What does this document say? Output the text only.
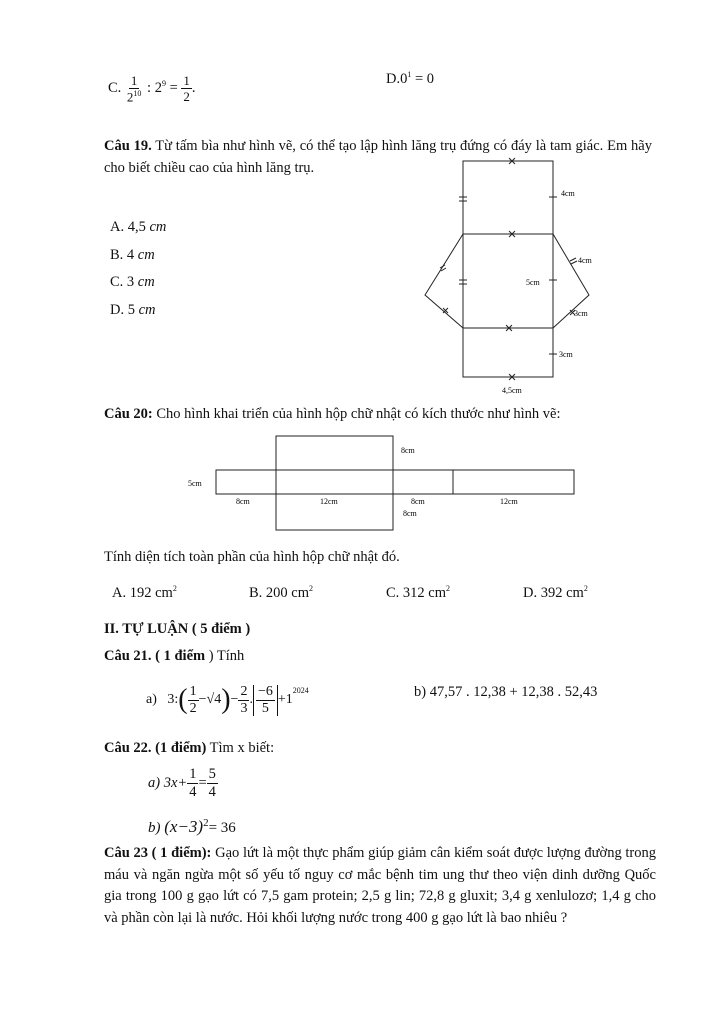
C. $\frac{1}{2^{10}}$ : $2^9 = \frac{1}{2}$ .
$D.0^1 = 0$
Câu 19. Từ tấm bìa như hình vẽ, có thể tạo lập hình lăng trụ đứng có đáy là tam giác. Em hãy cho biết chiều cao của hình lăng trụ.
A. 4,5 cm
B. 4 cm
C. 3 cm
D. 5 cm
4cm
4cm
5cm
3cm
3cm
4,5cm
Câu 20: Cho hình khai triển của hình hộp chữ nhật có kích thước như hình vẽ:
8cm
5cm
8cm	12cm	8cm	12cm
8cm
Tính diện tích toàn phần của hình hộp chữ nhật đó.
A. 192 $cm^2$	B. 200 $cm^2$	C. 312 $cm^2$	D. 392 $cm^2$
II. TỰ LUẬN ( 5 điểm )
Câu 21. ( 1 điểm ) Tính
a)
3: ( $\frac{1}{2} -√4$ ) − $\frac{2}{3}$ . $\frac{-6}{5} +1$
$^{2024}$	b) 47,57 . 12,38 + 12,38 . 52,43
Câu 22. (1 điểm) Tìm x biết:
a) $3x+ \frac{1}{4} = \frac{5}{4}$
b) $(x-3)^2= 36$
Câu 23 ( 1 điểm): Gạo lứt là một thực phẩm giúp giảm cân kiểm soát được lượng đường trong máu và ngăn ngừa một số yếu tố nguy cơ mắc bệnh tim ung thư theo viện dinh dưỡng Quốc gia trong 100 g gạo lứt có 7,5 gam protein; 2,5 g lin; 72,8 g gluxit; 3,4 g xenlulozơ; 1,4 g cho và phần còn lại là nước. Hỏi khối lượng nước trong 400 g gạo lứt là bao nhiêu ?
